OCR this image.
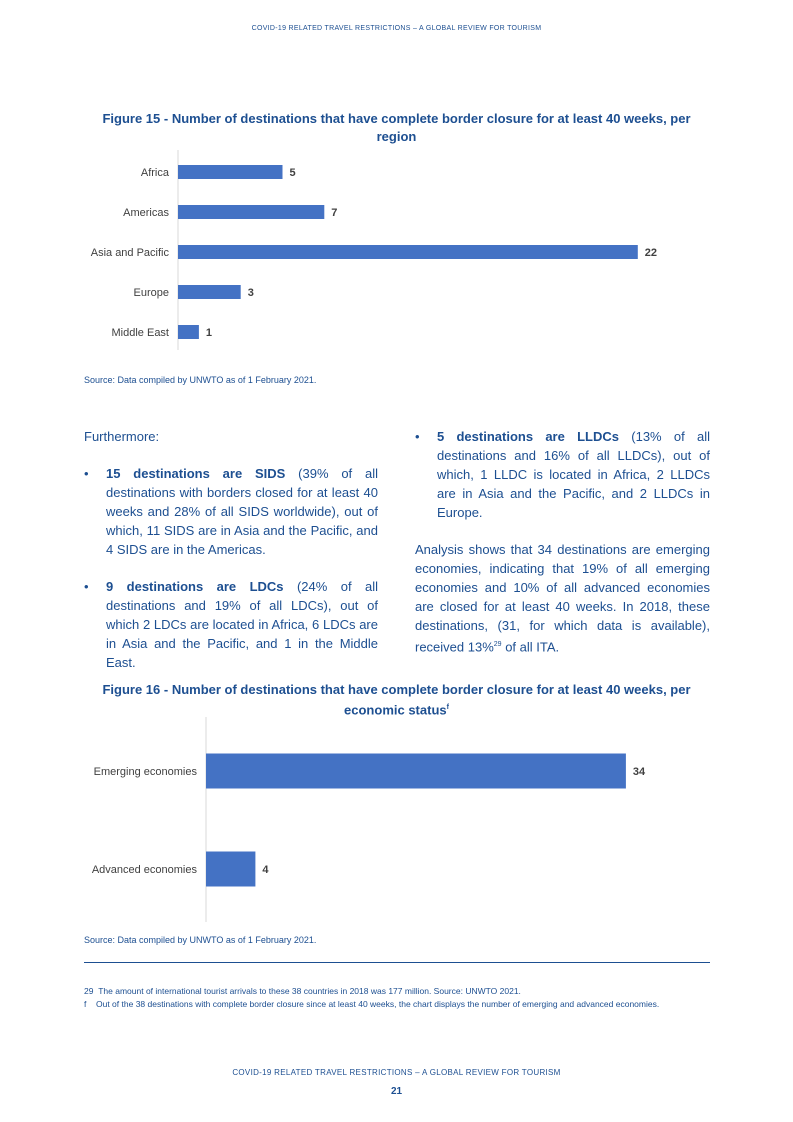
COVID-19 RELATED TRAVEL RESTRICTIONS – A GLOBAL REVIEW FOR TOURISM
Figure 15 - Number of destinations that have complete border closure for at least 40 weeks, per region
Africa	5
Americas	7
Asia and Pacific	22
Europe	3
Middle East	1
Source: Data compiled by UNWTO as of 1 February 2021.

Furthermore:

• 15 destinations are SIDS (39% of all destinations with borders closed for at least 40 weeks and 28% of all SIDS worldwide), out of which, 11 SIDS are in Asia and the Pacific, and 4 SIDS are in the Americas.

• 9 destinations are LDCs (24% of all destinations and 19% of all LDCs), out of which 2 LDCs are located in Africa, 6 LDCs are in Asia and the Pacific, and 1 in the Middle East.

• 5 destinations are LLDCs (13% of all destinations and 16% of all LLDCs), out of which, 1 LLDC is located in Africa, 2 LLDCs are in Asia and the Pacific, and 2 LLDCs in Europe.

Analysis shows that 34 destinations are emerging economies, indicating that 19% of all emerging economies and 10% of all advanced economies are closed for at least 40 weeks. In 2018, these destinations, (31, for which data is available), received 13%$^{29}$ of all ITA.

Figure 16 - Number of destinations that have complete border closure for at least 40 weeks, per economic status$^f$
Emerging economies	34
Advanced economies	4
Source: Data compiled by UNWTO as of 1 February 2021.
29 The amount of international tourist arrivals to these 38 countries in 2018 was 177 million. Source: UNWTO 2021.
f	Out of the 38 destinations with complete border closure since at least 40 weeks, the chart displays the number of emerging and advanced economies.
COVID-19 RELATED TRAVEL RESTRICTIONS – A GLOBAL REVIEW FOR TOURISM
21
